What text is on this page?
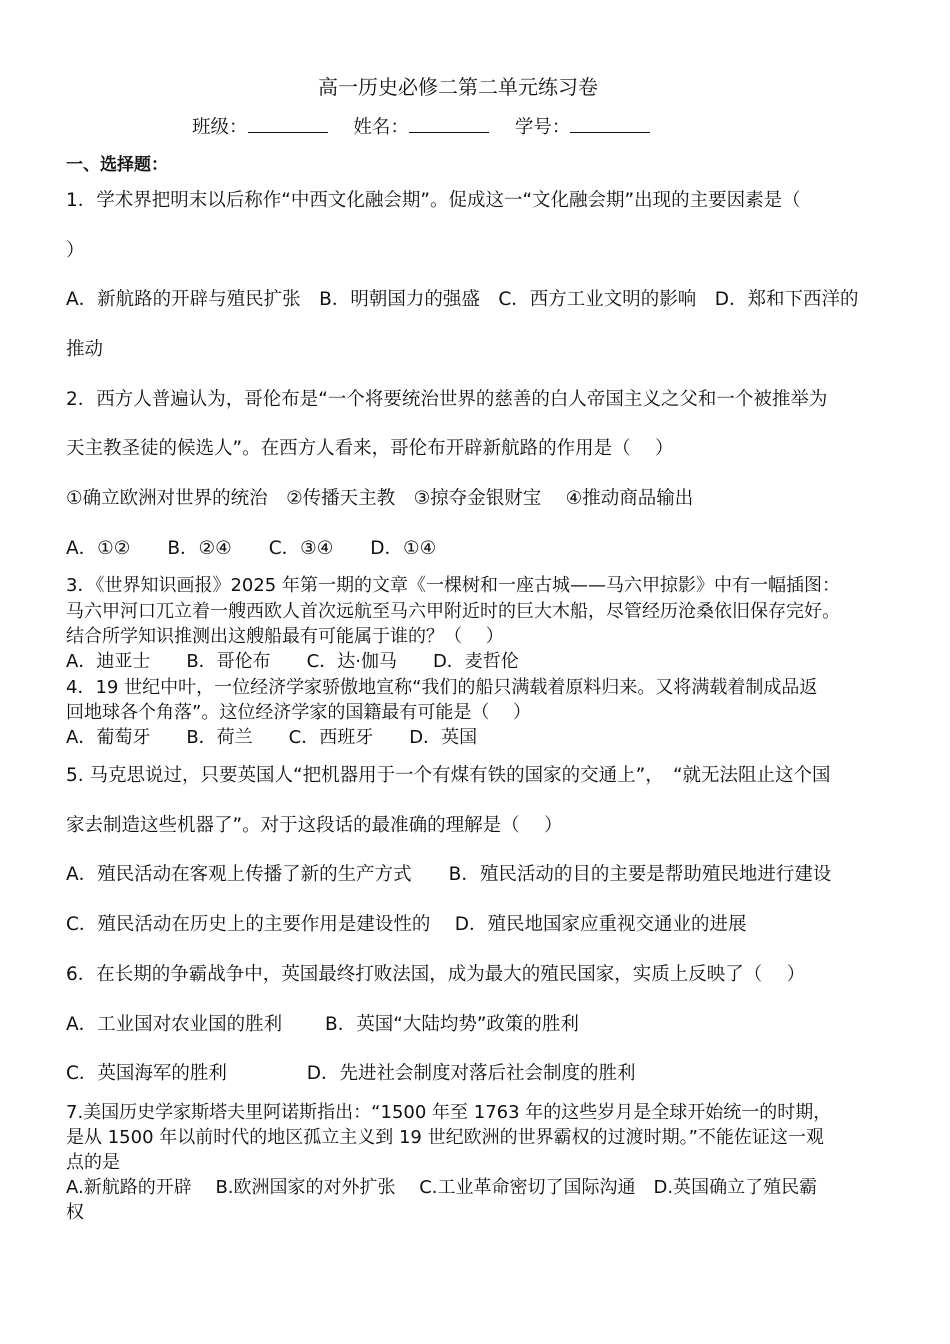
高一历史必修二第二单元练习卷
班级：	姓名：	学号：
一、选择题：
1．学术界把明末以后称作“中西文化融会期”。促成这一“文化融会期”出现的主要因素是（
）
A．新航路的开辟与殖民扩张　B．明朝国力的强盛　C．西方工业文明的影响　D．郑和下西洋的
推动
2．西方人普遍认为，哥伦布是“一个将要统治世界的慈善的白人帝国主义之父和一个被推举为
天主教圣徒的候选人”。在西方人看来，哥伦布开辟新航路的作用是（　 ）
①确立欧洲对世界的统治　②传播天主教　③掠夺金银财宝　 ④推动商品输出
A．①②　　B．②④　　C．③④　　D．①④
3．《世界知识画报》2025 年第一期的文章《一棵树和一座古城——马六甲掠影》中有一幅插图：
马六甲河口兀立着一艘西欧人首次远航至马六甲附近时的巨大木船，尽管经历沧桑依旧保存完好。
结合所学知识推测出这艘船最有可能属于谁的？（　 ）
A．迪亚士　　B．哥伦布　　C．达·伽马　　D．麦哲伦
4．19 世纪中叶，一位经济学家骄傲地宣称“我们的船只满载着原料归来。又将满载着制成品返
回地球各个角落”。这位经济学家的国籍最有可能是（　 ）
A．葡萄牙　　B．荷兰　　C．西班牙　　D．英国
5. 马克思说过，只要英国人“把机器用于一个有煤有铁的国家的交通上”，　“就无法阻止这个国
家去制造这些机器了”。对于这段话的最准确的理解是（　 ）
A．殖民活动在客观上传播了新的生产方式　　B．殖民活动的目的主要是帮助殖民地进行建设
C．殖民活动在历史上的主要作用是建设性的　 D．殖民地国家应重视交通业的进展
6．在长期的争霸战争中，英国最终打败法国，成为最大的殖民国家，实质上反映了（　 ）
A．工业国对农业国的胜利　　 B．英国“大陆均势”政策的胜利
C．英国海军的胜利　　　　 D．先进社会制度对落后社会制度的胜利
7.美国历史学家斯塔夫里阿诺斯指出：“1500 年至 1763 年的这些岁月是全球开始统一的时期，
是从 1500 年以前时代的地区孤立主义到 19 世纪欧洲的世界霸权的过渡时期。”不能佐证这一观
点的是
A.新航路的开辟　 B.欧洲国家的对外扩张　 C.工业革命密切了国际沟通　D.英国确立了殖民霸
权
